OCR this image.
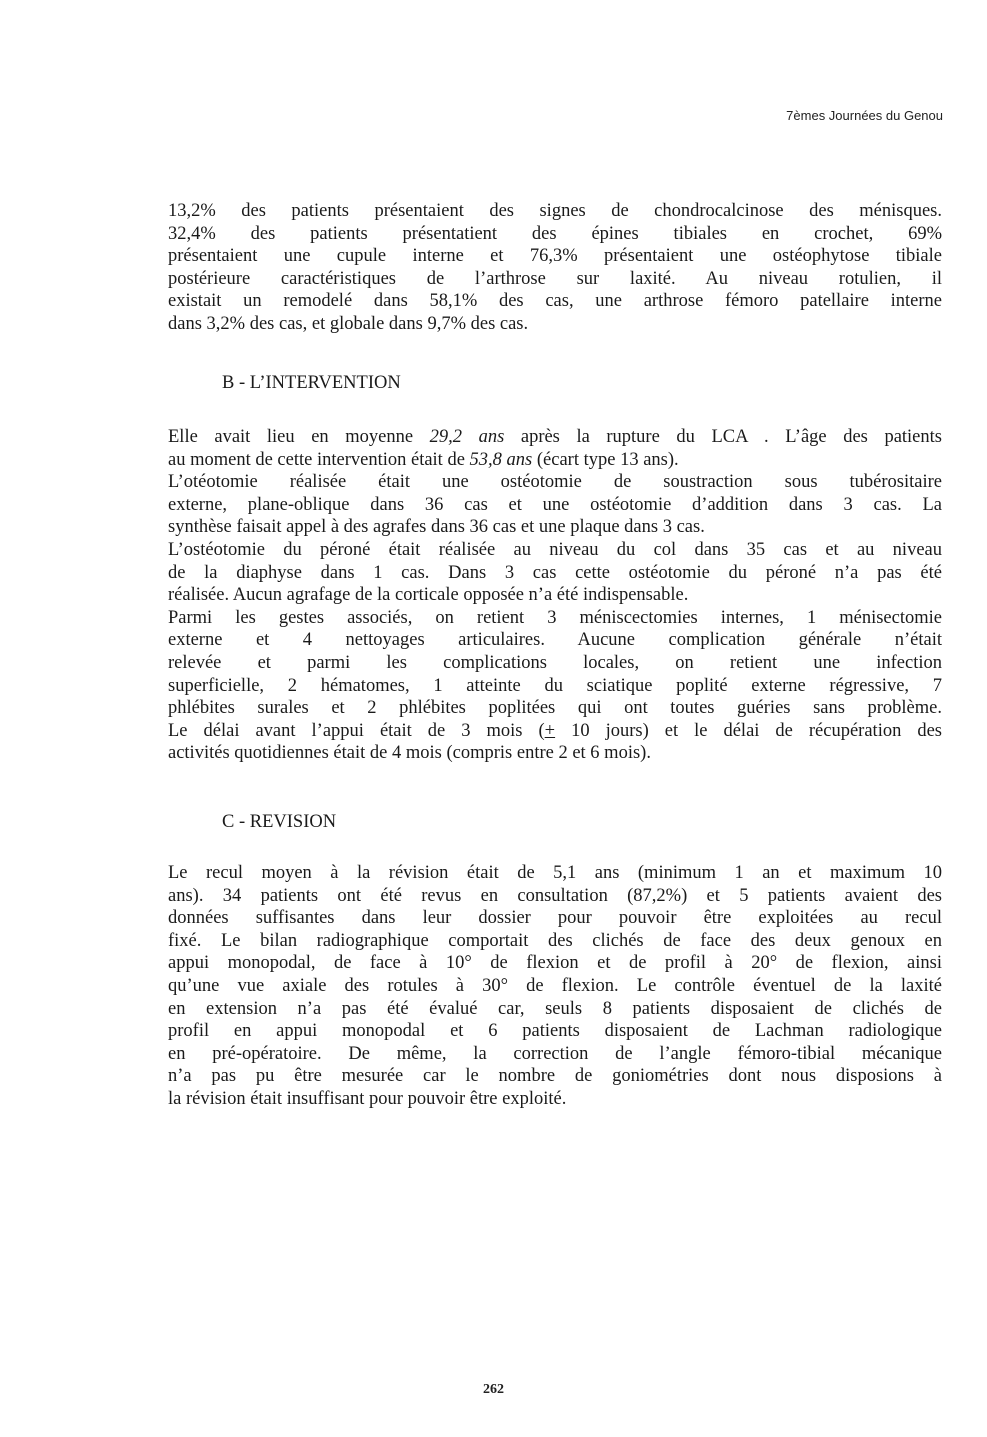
7èmes Journées du Genou
13,2% des patients présentaient des signes de chondrocalcinose des ménisques.
32,4% des patients présentatient des épines tibiales en crochet, 69%
présentaient une cupule interne et 76,3% présentaient une ostéophytose tibiale
postérieure caractéristiques de l’arthrose sur laxité. Au niveau rotulien, il
existait un remodelé dans 58,1% des cas, une arthrose fémoro patellaire interne
dans 3,2% des cas, et globale dans 9,7% des cas.
B - L’INTERVENTION
Elle avait lieu en moyenne 29,2 ans après la rupture du LCA . L’âge des patients
au moment de cette intervention était de 53,8 ans (écart type 13 ans).
L’otéotomie réalisée était une ostéotomie de soustraction sous tubérositaire
externe, plane-oblique dans 36 cas et une ostéotomie d’addition dans 3 cas. La
synthèse faisait appel à des agrafes dans 36 cas et une plaque dans 3 cas.
L’ostéotomie du péroné était réalisée au niveau du col dans 35 cas et au niveau
de la diaphyse dans 1 cas. Dans 3 cas cette ostéotomie du péroné n’a pas été
réalisée. Aucun agrafage de la corticale opposée n’a été indispensable.
Parmi les gestes associés, on retient 3 méniscectomies internes, 1 ménisectomie
externe et 4 nettoyages articulaires. Aucune complication générale n’était
relevée et parmi les complications locales, on retient une infection
superficielle, 2 hématomes, 1 atteinte du sciatique poplité externe régressive, 7
phlébites surales et 2 phlébites poplitées qui ont toutes guéries sans problème.
Le délai avant l’appui était de 3 mois (+ 10 jours) et le délai de récupération des
activités quotidiennes était de 4 mois (compris entre 2 et 6 mois).
C - REVISION
Le recul moyen à la révision était de 5,1 ans (minimum 1 an et maximum 10
ans). 34 patients ont été revus en consultation (87,2%) et 5 patients avaient des
données suffisantes dans leur dossier pour pouvoir être exploitées au recul
fixé. Le bilan radiographique comportait des clichés de face des deux genoux en
appui monopodal, de face à 10° de flexion et de profil à 20° de flexion, ainsi
qu’une vue axiale des rotules à 30° de flexion. Le contrôle éventuel de la laxité
en extension n’a pas été évalué car, seuls 8 patients disposaient de clichés de
profil en appui monopodal et 6 patients disposaient de Lachman radiologique
en pré-opératoire. De même, la correction de l’angle fémoro-tibial mécanique
n’a pas pu être mesurée car le nombre de goniométries dont nous disposions à
la révision était insuffisant pour pouvoir être exploité.
262
